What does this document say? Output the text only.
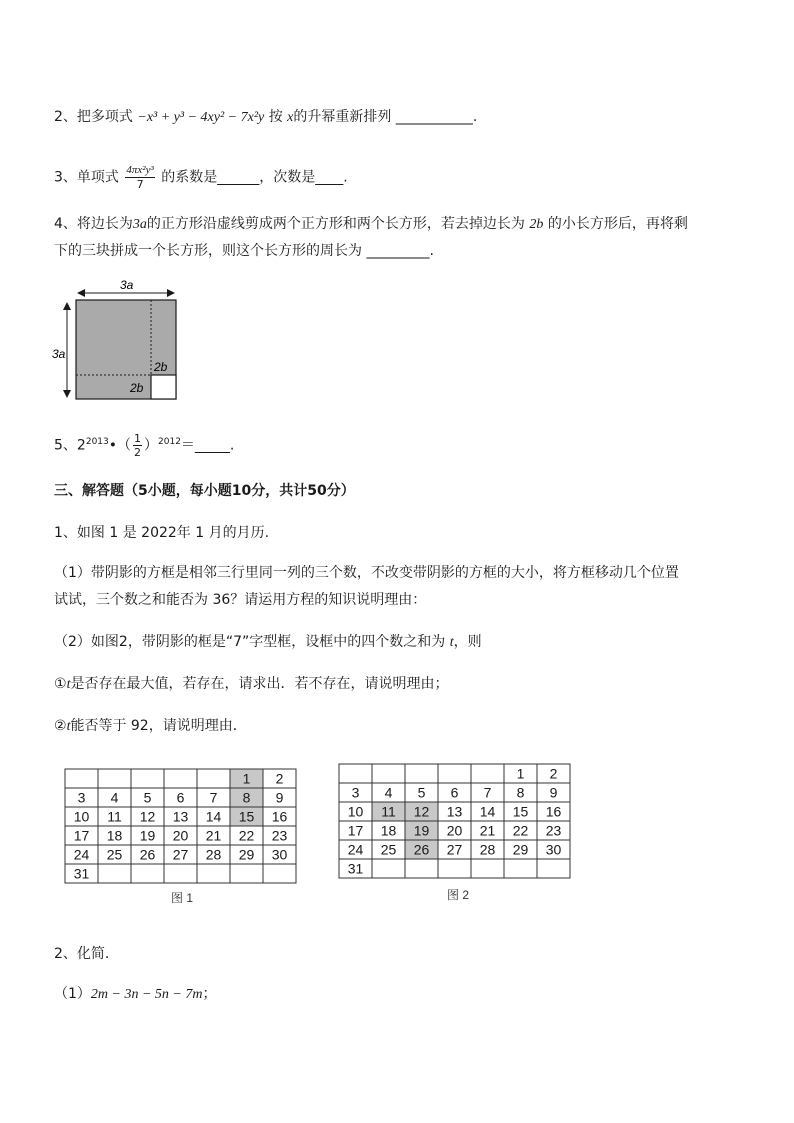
2、把多项式 −x³ + y³ − 4xy² − 7x²y 按 x的升幂重新排列 ___________.
3、单项式 $\frac{\text{4πx²y³}}{7}$ 的系数是______，次数是____.
4、将边长为3a的正方形沿虚线剪成两个正方形和两个长方形，若去掉边长为 2b 的小长方形后，再将剩
下的三块拼成一个长方形，则这个长方形的周长为 _________.
3a
3a
2b
2b
5、$2^{2013}•( \frac{1}{2}$ ）$^{2012}$＝_____.
三、解答题（5小题，每小题10分，共计50分）
1、如图 1 是 2022年 1 月的月历.
（1）带阴影的方框是相邻三行里同一列的三个数，不改变带阴影的方框的大小，将方框移动几个位置
试试，三个数之和能否为 36？请运用方程的知识说明理由：
（2）如图2，带阴影的框是“7”字型框，设框中的四个数之和为 t，则
①t是否存在最大值，若存在，请求出．若不存在，请说明理由；
②t能否等于 92，请说明理由．
1 2
3 4 5 6 7 8 9
10 11 12 13 14 15 16
17 18 19 20 21 22 23
24 25 26 27 28 29 30
31
图 1
1 2
3 4 5 6 7 8 9
10 11 12 13 14 15 16
17 18 19 20 21 22 23
24 25 26 27 28 29 30
31
图 2
2、化简.
（1）2m − 3n − 5n − 7m；
